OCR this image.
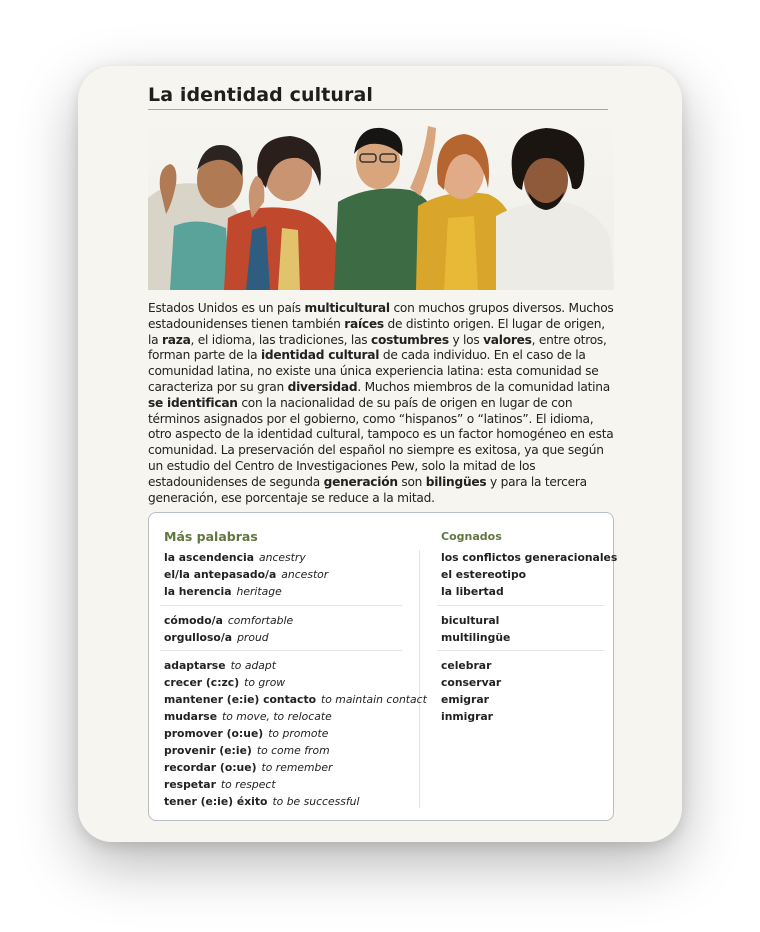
La identidad cultural
Estados Unidos es un país multicultural con muchos grupos diversos. Muchos estadounidenses tienen también raíces de distinto origen. El lugar de origen, la raza, el idioma, las tradiciones, las costumbres y los valores, entre otros, forman parte de la identidad cultural de cada individuo. En el caso de la comunidad latina, no existe una única experiencia latina: esta comunidad se caracteriza por su gran diversidad. Muchos miembros de la comunidad latina se identifican con la nacionalidad de su país de origen en lugar de con términos asignados por el gobierno, como “hispanos” o “latinos”. El idioma, otro aspecto de la identidad cultural, tampoco es un factor homogéneo en esta comunidad. La preservación del español no siempre es exitosa, ya que según un estudio del Centro de Investigaciones Pew, solo la mitad de los estadounidenses de segunda generación son bilingües y para la tercera generación, ese porcentaje se reduce a la mitad.
Más palabras	Cognados
la ascendencia ancestry
el/la antepasado/a ancestor
la herencia heritage
cómodo/a comfortable
orgulloso/a proud
adaptarse to adapt
crecer (c:zc) to grow
mantener (e:ie) contacto to maintain contact
mudarse to move, to relocate
promover (o:ue) to promote
provenir (e:ie) to come from
recordar (o:ue) to remember
respetar to respect
tener (e:ie) éxito to be successful
los conflictos generacionales
el estereotipo
la libertad
bicultural
multilingüe
celebrar
conservar
emigrar
inmigrar
